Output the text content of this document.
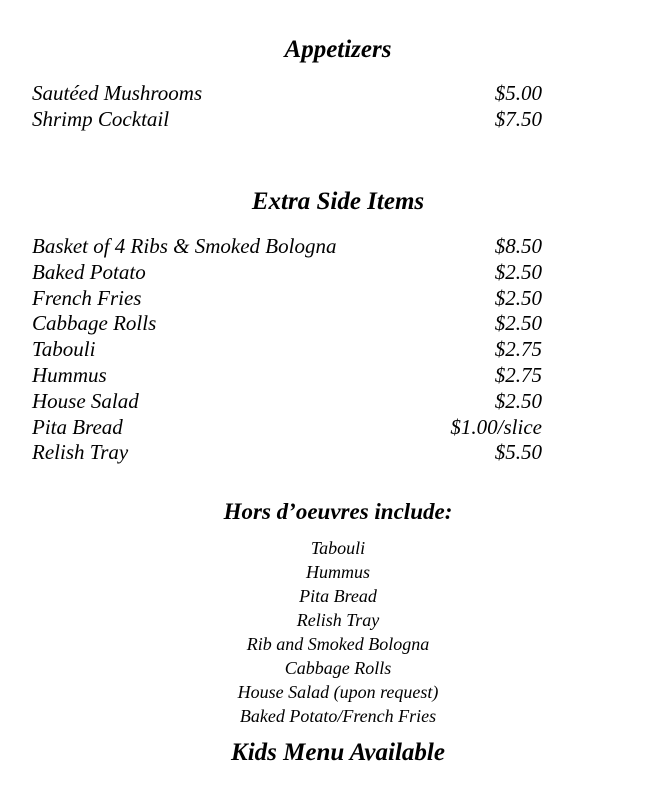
Appetizers
Sautéed Mushrooms	$5.00
Shrimp Cocktail	$7.50
Extra Side Items
Basket of 4 Ribs & Smoked Bologna	$8.50
Baked Potato	$2.50
French Fries	$2.50
Cabbage Rolls	$2.50
Tabouli	$2.75
Hummus	$2.75
House Salad	$2.50
Pita Bread	$1.00/slice
Relish Tray	$5.50
Hors d’oeuvres include:
Tabouli
Hummus
Pita Bread
Relish Tray
Rib and Smoked Bologna
Cabbage Rolls
House Salad (upon request)
Baked Potato/French Fries
Kids Menu Available
